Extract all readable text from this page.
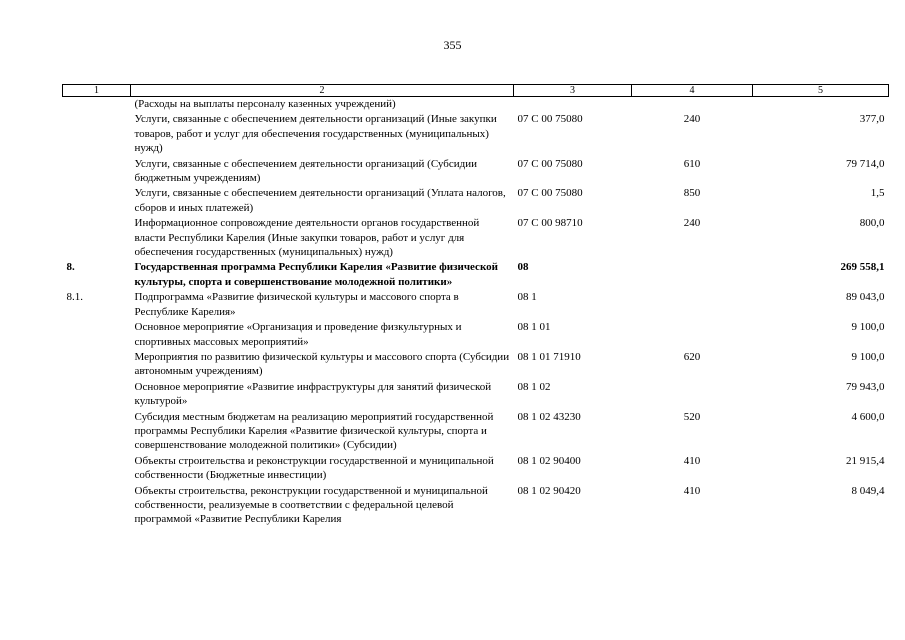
355
1	2	3	4	5
	(Расходы на выплаты персоналу казенных учреждений)			
	Услуги, связанные с обеспечением деятельности организаций (Иные закупки товаров, работ и услуг для обеспечения государственных (муниципальных) нужд)	07 С 00 75080	240	377,0
	Услуги, связанные с обеспечением деятельности организаций (Субсидии бюджетным учреждениям)	07 С 00 75080	610	79 714,0
	Услуги, связанные с обеспечением деятельности организаций (Уплата налогов, сборов и иных платежей)	07 С 00 75080	850	1,5
	Информационное сопровождение деятельности органов государственной власти Республики Карелия (Иные закупки товаров, работ и услуг для обеспечения государственных (муниципальных) нужд)	07 С 00 98710	240	800,0
8.	Государственная программа Республики Карелия «Развитие физической культуры, спорта и совершенствование молодежной политики»	08		269 558,1
8.1.	Подпрограмма «Развитие физической культуры и массового спорта в Республике Карелия»	08 1		89 043,0
	Основное мероприятие «Организация и проведение физкультурных и спортивных массовых мероприятий»	08 1 01		9 100,0
	Мероприятия по развитию физической культуры и массового спорта (Субсидии автономным учреждениям)	08 1 01 71910	620	9 100,0
	Основное мероприятие «Развитие инфраструктуры для занятий физической культурой»	08 1 02		79 943,0
	Субсидия местным бюджетам на реализацию мероприятий государственной программы Республики Карелия «Развитие физической культуры, спорта и совершенствование молодежной политики» (Субсидии)	08 1 02 43230	520	4 600,0
	Объекты строительства и реконструкции государственной и муниципальной собственности (Бюджетные инвестиции)	08 1 02 90400	410	21 915,4
	Объекты строительства, реконструкции государственной и муниципальной собственности, реализуемые в соответствии с федеральной целевой программой «Развитие Республики Карелия	08 1 02 90420	410	8 049,4
